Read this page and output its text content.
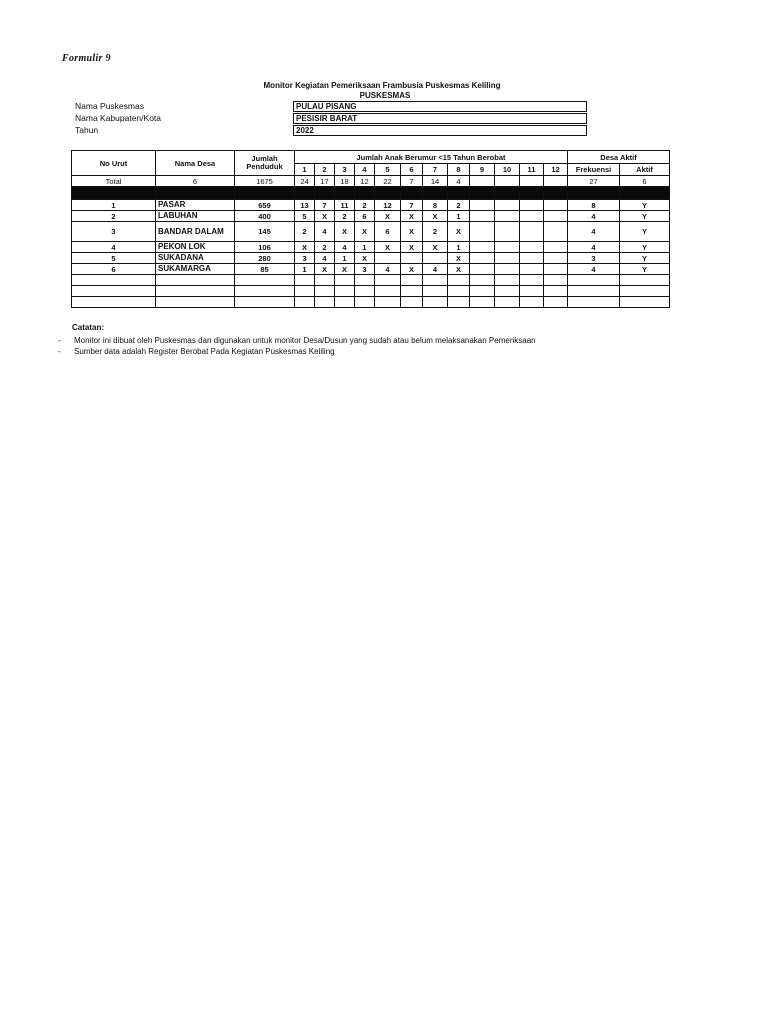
Formulir 9
Monitor Kegiatan Pemeriksaan Frambusia Puskesmas Keliling
PUSKESMAS
Nama Puskesmas	PULAU PISANG
Nama Kabupaten/Kota	PESISIR BARAT
Tahun	2022
No Urut	Nama Desa	Jumlah Penduduk	Jumlah Anak Berumur <15 Tahun Berobat												Desa Aktif	
			1	2	3	4	5	6	7	8	9	10	11	12	Frekuensi	Aktif
Total	6	1675	24	17	18	12	22	7	14	4					27	6

1	PASAR	659	13	7	11	2	12	7	8	2					8	Y
2	LABUHAN	400	5	X	2	6	X	X	X	1					4	Y
3	BANDAR DALAM	145	2	4	X	X	6	X	2	X					4	Y
4	PEKON LOK	106	X	2	4	1	X	X	X	1					4	Y
5	SUKADANA	280	3	4	1	X				X					3	Y
6	SUKAMARGA	85	1	X	X	3	4	X	4	X					4	Y

Catatan:
- Monitor ini dibuat oleh Puskesmas dan digunakan untuk monitor Desa/Dusun yang sudah atau belum melaksanakan Pemeriksaan
- Sumber data adalah Register Berobat Pada Kegiatan Puskesmas Keliling
